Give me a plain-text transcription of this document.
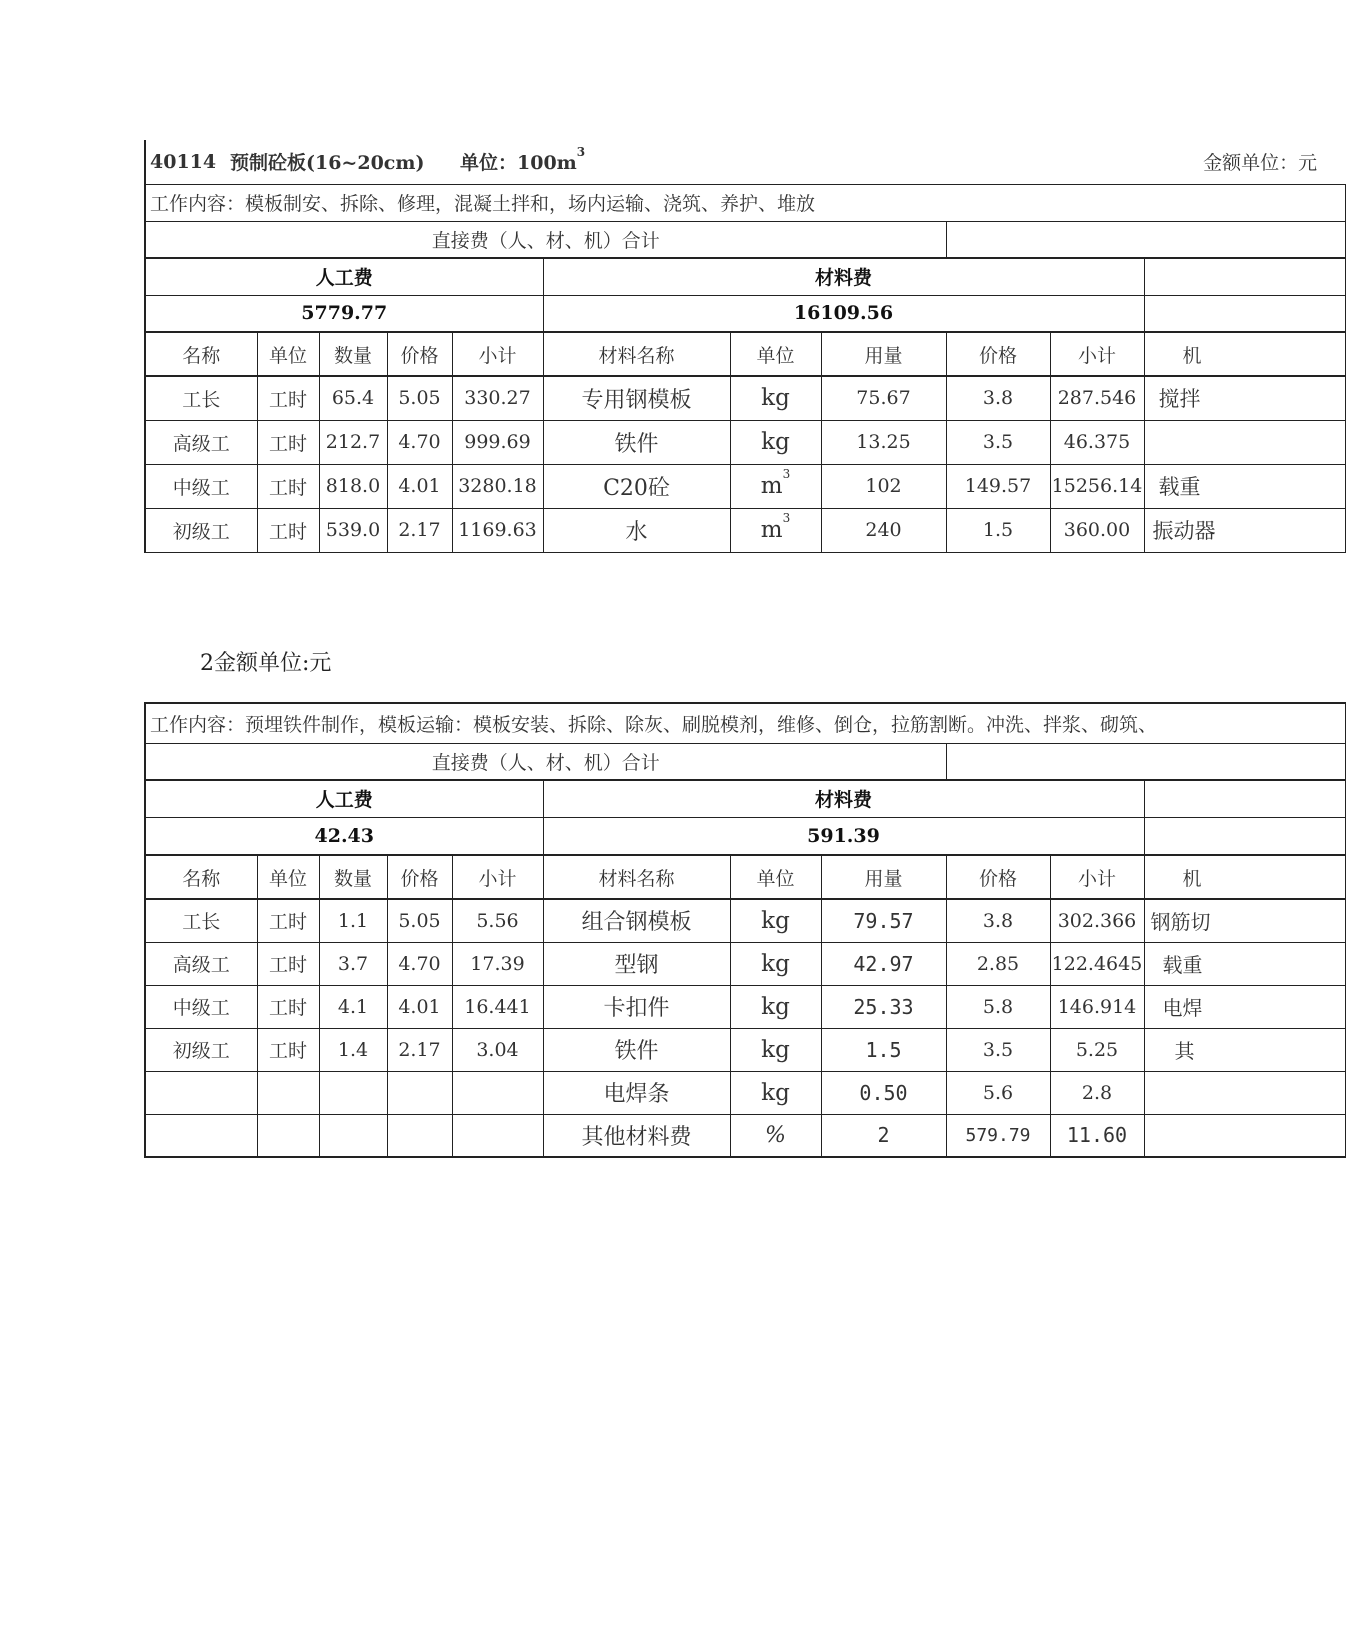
40114 预制砼板(16~20cm) 单位：$100m^3$
金额单位：元										

工作内容：模板制安、拆除、修理，混凝土拌和，场内运输、浇筑、养护、堆放										
直接费（人、材、机）合计										
人工费					材料费					
5779.77					16109.56					
名称	单位	数量	价格	小计	材料名称	单位	用量	价格	小计	机
工长	工时	65.4	5.05	330.27	专用钢模板	kg	75.67	3.8	287.546	搅拌
高级工	工时	212.7	4.70	999.69	铁件	kg	13.25	3.5	46.375	
中级工	工时	818.0	4.01	3280.18	C20砼	$m^3$	102	149.57	15256.14	载重
初级工	工时	539.0	2.17	1169.63	水	$m^3$	240	1.5	360.00	振动器
2金额单位:元
工作内容：预埋铁件制作，模板运输：模板安装、拆除、除灰、刷脱模剂，维修、倒仓，拉筋割断。冲洗、拌浆、砌筑、										
直接费（人、材、机）合计										
人工费					材料费					
42.43					591.39					
名称	单位	数量	价格	小计	材料名称	单位	用量	价格	小计	机
工长	工时	1.1	5.05	5.56	组合钢模板	kg	79.57	3.8	302.366	钢筋切
高级工	工时	3.7	4.70	17.39	型钢	kg	42.97	2.85	122.4645	载重
中级工	工时	4.1	4.01	16.441	卡扣件	kg	25.33	5.8	146.914	电焊
初级工	工时	1.4	2.17	3.04	铁件	kg	1.5	3.5	5.25	其
					电焊条	kg	0.50	5.6	2.8	
					其他材料费	%	2	579.79	11.60	
